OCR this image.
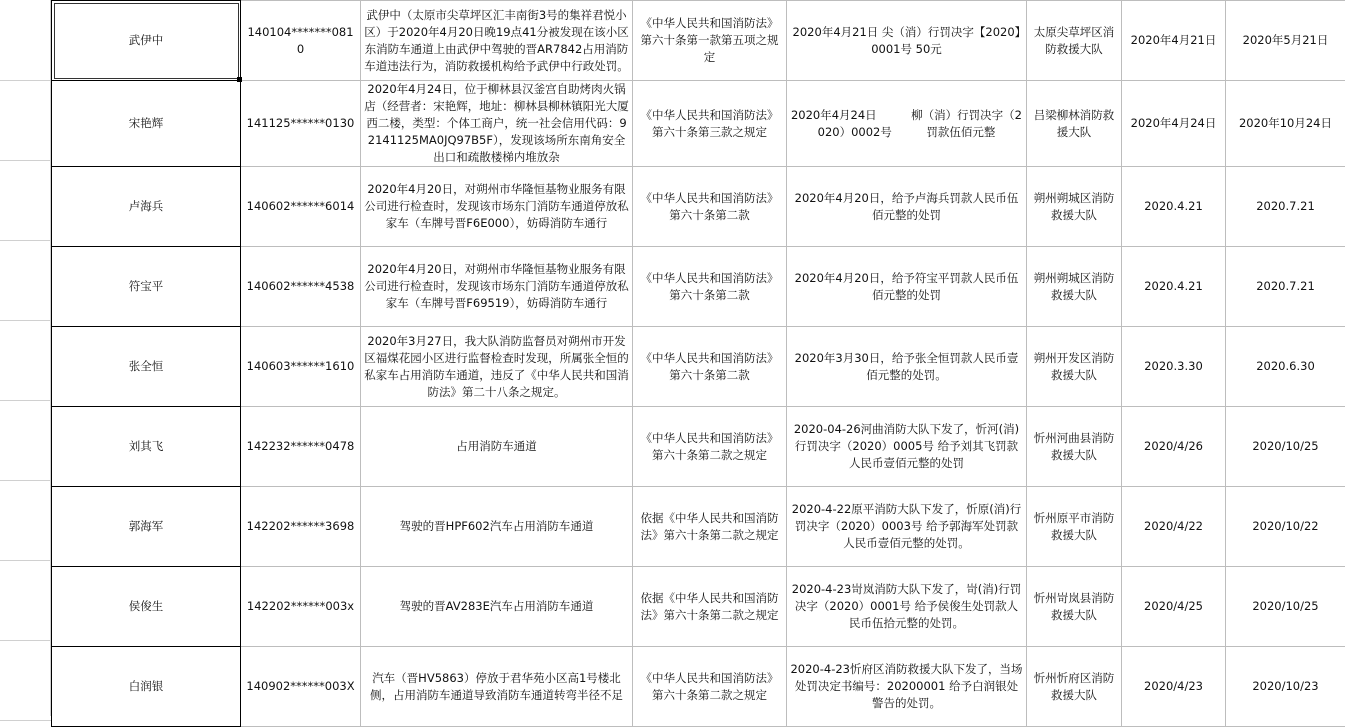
武伊中	140104*******0810	武伊中（太原市尖草坪区汇丰南街3号的集祥君悦小区）于2020年4月20日晚19点41分被发现在该小区东消防车通道上由武伊中驾驶的晋AR7842占用消防车道违法行为，消防救援机构给予武伊中行政处罚。	《中华人民共和国消防法》第六十条第一款第五项之规定	2020年4月21日 尖（消）行罚决字【2020】0001号 50元	太原尖草坪区消防救援大队	2020年4月21日	2020年5月21日
宋艳辉	141125******0130	2020年4月24日，位于柳林县汉釜宫自助烤肉火锅店（经营者：宋艳辉，地址：柳林县柳林镇阳光大厦西二楼，类型：个体工商户，统一社会信用代码：92141125MA0JQ97B5F），发现该场所东南角安全出口和疏散楼梯内堆放杂	《中华人民共和国消防法》第六十条第三款之规定	2020年4月24日　　　柳（消）行罚决字（2020）0002号　　　罚款伍佰元整	吕梁柳林消防救援大队	2020年4月24日	2020年10月24日
卢海兵	140602******6014	2020年4月20日，对朔州市华隆恒基物业服务有限公司进行检查时，发现该市场东门消防车通道停放私家车（车牌号晋F6E000），妨碍消防车通行	《中华人民共和国消防法》第六十条第二款	2020年4月20日，给予卢海兵罚款人民币伍佰元整的处罚	朔州朔城区消防救援大队	2020.4.21	2020.7.21
符宝平	140602******4538	2020年4月20日，对朔州市华隆恒基物业服务有限公司进行检查时，发现该市场东门消防车通道停放私家车（车牌号晋F69519），妨碍消防车通行	《中华人民共和国消防法》第六十条第二款	2020年4月20日，给予符宝平罚款人民币伍佰元整的处罚	朔州朔城区消防救援大队	2020.4.21	2020.7.21
张全恒	140603******1610	2020年3月27日，我大队消防监督员对朔州市开发区福煤花园小区进行监督检查时发现，所属张全恒的私家车占用消防车通道，违反了《中华人民共和国消防法》第二十八条之规定。	《中华人民共和国消防法》第六十条第二款	2020年3月30日，给予张全恒罚款人民币壹佰元整的处罚。	朔州开发区消防救援大队	2020.3.30	2020.6.30
刘其飞	142232******0478	占用消防车通道	《中华人民共和国消防法》第六十条第二款之规定	2020-04-26河曲消防大队下发了，忻河(消)行罚决字（2020）0005号 给予刘其飞罚款人民币壹佰元整的处罚	忻州河曲县消防救援大队	2020/4/26	2020/10/25
郭海军	142202******3698	驾驶的晋HPF602汽车占用消防车通道	依据《中华人民共和国消防法》第六十条第二款之规定	2020-4-22原平消防大队下发了，忻原(消)行罚决字（2020）0003号 给予郭海军处罚款人民币壹佰元整的处罚。	忻州原平市消防救援大队	2020/4/22	2020/10/22
侯俊生	142202******003x	驾驶的晋AV283E汽车占用消防车通道	依据《中华人民共和国消防法》第六十条第二款之规定	2020-4-23岢岚消防大队下发了，岢(消)行罚决字（2020）0001号 给予侯俊生处罚款人民币伍拾元整的处罚。	忻州岢岚县消防救援大队	2020/4/25	2020/10/25
白润银	140902******003X	汽车（晋HV5863）停放于君华苑小区高1号楼北侧，占用消防车通道导致消防车通道转弯半径不足	《中华人民共和国消防法》第六十条第二款之规定	2020-4-23忻府区消防救援大队下发了，当场处罚决定书编号：20200001 给予白润银处警告的处罚。	忻州忻府区消防救援大队	2020/4/23	2020/10/23
